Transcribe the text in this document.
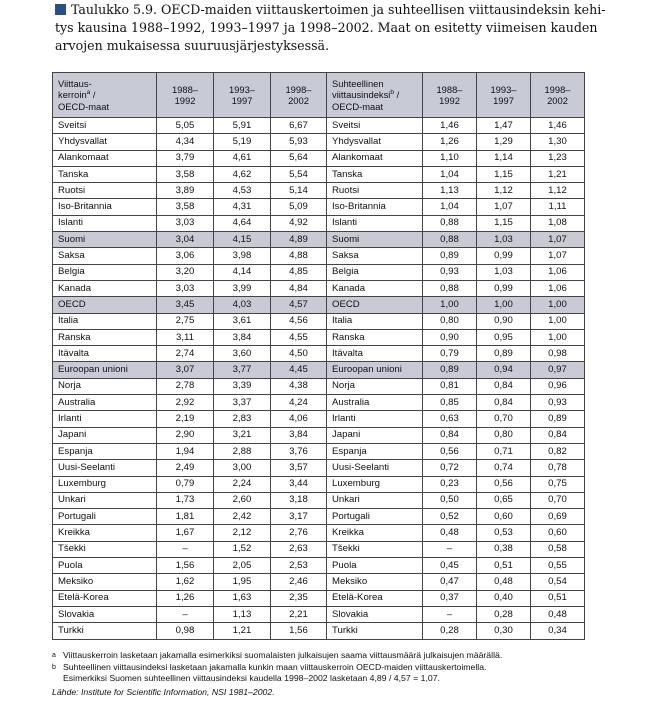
Taulukko 5.9. OECD-maiden viittauskertoimen ja suhteellisen viittausindeksin kehi-
tys kausina 1988–1992, 1993–1997 ja 1998–2002. Maat on esitetty viimeisen kauden
arvojen mukaisessa suuruusjärjestyksessä.
Viittaus-
kerroin$^a$ /
OECD-maat	1988–
1992	1993–
1997	1998–
2002	Suhteellinen
viittausindeksi$^b$ /
OECD-maat	1988–
1992	1993–
1997	1998–
2002
Sveitsi	5,05	5,91	6,67	Sveitsi	1,46	1,47	1,46
Yhdysvallat	4,34	5,19	5,93	Yhdysvallat	1,26	1,29	1,30
Alankomaat	3,79	4,61	5,64	Alankomaat	1,10	1,14	1,23
Tanska	3,58	4,62	5,54	Tanska	1,04	1,15	1,21
Ruotsi	3,89	4,53	5,14	Ruotsi	1,13	1,12	1,12
Iso-Britannia	3,58	4,31	5,09	Iso-Britannia	1,04	1,07	1,11
Islanti	3,03	4,64	4,92	Islanti	0,88	1,15	1,08
Suomi	3,04	4,15	4,89	Suomi	0,88	1,03	1,07
Saksa	3,06	3,98	4,88	Saksa	0,89	0,99	1,07
Belgia	3,20	4,14	4,85	Belgia	0,93	1,03	1,06
Kanada	3,03	3,99	4,84	Kanada	0,88	0,99	1,06
OECD	3,45	4,03	4,57	OECD	1,00	1,00	1,00
Italia	2,75	3,61	4,56	Italia	0,80	0,90	1,00
Ranska	3,11	3,84	4,55	Ranska	0,90	0,95	1,00
Itävalta	2,74	3,60	4,50	Itävalta	0,79	0,89	0,98
Euroopan unioni	3,07	3,77	4,45	Euroopan unioni	0,89	0,94	0,97
Norja	2,78	3,39	4,38	Norja	0,81	0,84	0,96
Australia	2,92	3,37	4,24	Australia	0,85	0,84	0,93
Irlanti	2,19	2,83	4,06	Irlanti	0,63	0,70	0,89
Japani	2,90	3,21	3,84	Japani	0,84	0,80	0,84
Espanja	1,94	2,88	3,76	Espanja	0,56	0,71	0,82
Uusi-Seelanti	2,49	3,00	3,57	Uusi-Seelanti	0,72	0,74	0,78
Luxemburg	0,79	2,24	3,44	Luxemburg	0,23	0,56	0,75
Unkari	1,73	2,60	3,18	Unkari	0,50	0,65	0,70
Portugali	1,81	2,42	3,17	Portugali	0,52	0,60	0,69
Kreikka	1,67	2,12	2,76	Kreikka	0,48	0,53	0,60
Tšekki	–	1,52	2,63	Tšekki	–	0,38	0,58
Puola	1,56	2,05	2,53	Puola	0,45	0,51	0,55
Meksiko	1,62	1,95	2,46	Meksiko	0,47	0,48	0,54
Etelä-Korea	1,26	1,63	2,35	Etelä-Korea	0,37	0,40	0,51
Slovakia	–	1,13	2,21	Slovakia	–	0,28	0,48
Turkki	0,98	1,21	1,56	Turkki	0,28	0,30	0,34
a Viittauskerroin lasketaan jakamalla esimerkiksi suomalaisten julkaisujen saama viittausmäärä julkaisujen määrällä.
b Suhteellinen viittausindeksi lasketaan jakamalla kunkin maan viittauskerroin OECD-maiden viittauskertoimella.
Esimerkiksi Suomen suhteellinen viittausindeksi kaudella 1998–2002 lasketaan 4,89 / 4,57 = 1,07.
Lähde: Institute for Scientific Information, NSI 1981–2002.
